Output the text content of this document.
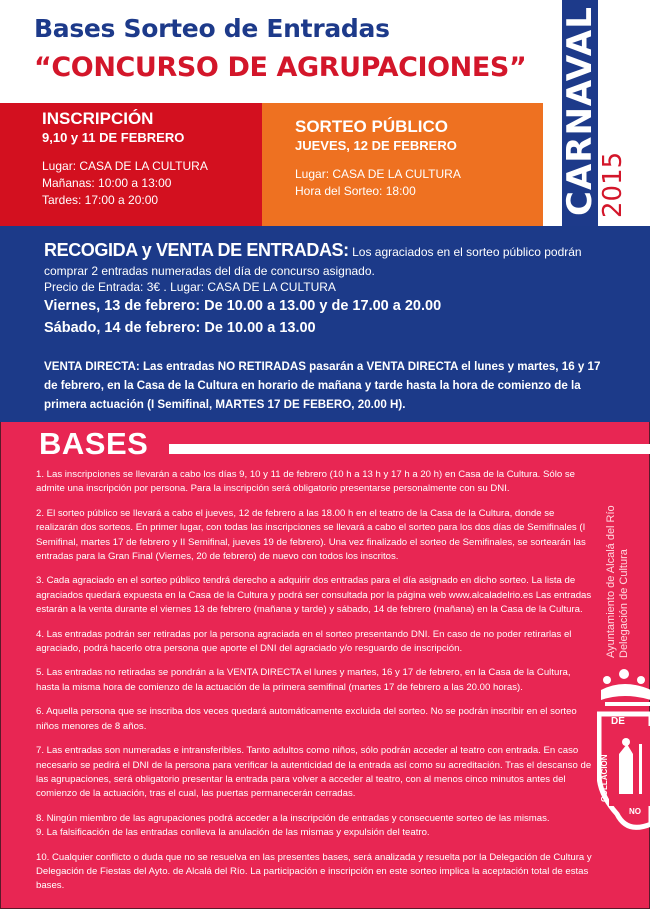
Bases Sorteo de Entradas
“CONCURSO DE AGRUPACIONES” CARNAVAL
2015
INSCRIPCIÓN
9,10 y 11 DE FEBRERO
Lugar: CASA DE LA CULTURA
Mañanas: 10:00 a 13:00
Tardes: 17:00 a 20:00
SORTEO PÚBLICO
JUEVES, 12 DE FEBRERO
Lugar: CASA DE LA CULTURA
Hora del Sorteo: 18:00
RECOGIDA y VENTA DE ENTRADAS: Los agraciados en el sorteo público podrán
comprar 2 entradas numeradas del día de concurso asignado.
Precio de Entrada: 3€ . Lugar: CASA DE LA CULTURA
Viernes, 13 de febrero: De 10.00 a 13.00 y de 17.00 a 20.00
Sábado, 14 de febrero: De 10.00 a 13.00
VENTA DIRECTA: Las entradas NO RETIRADAS pasarán a VENTA DIRECTA el lunes y martes, 16 y 17 de febrero, en la Casa de la Cultura en horario de mañana y tarde hasta la hora de comienzo de la primera actuación (I Semifinal, MARTES 17 DE FEBERO, 20.00 H).
BASES

1. Las inscripciones se llevarán a cabo los días 9, 10 y 11 de febrero (10 h a 13 h y 17 h a 20 h) en Casa de la Cultura. Sólo se admite una inscripción por persona. Para la inscripción será obligatorio presentarse personalmente con su DNI.

2. El sorteo público se llevará a cabo el jueves, 12 de febrero a las 18.00 h en el teatro de la Casa de la Cultura, donde se realizarán dos sorteos. En primer lugar, con todas las inscripciones se llevará a cabo el sorteo para los dos días de Semifinales (I Semifinal, martes 17 de febrero y II Semifinal, jueves 19 de febrero). Una vez finalizado el sorteo de Semifinales, se sortearán las entradas para la Gran Final (Viernes, 20 de febrero) de nuevo con todos los inscritos.

3. Cada agraciado en el sorteo público tendrá derecho a adquirir dos entradas para el día asignado en dicho sorteo. La lista de agraciados quedará expuesta en la Casa de la Cultura y podrá ser consultada por la página web www.alcaladelrio.es Las entradas estarán a la venta durante el viernes 13 de febrero (mañana y tarde) y sábado, 14 de febrero (mañana) en la Casa de la Cultura.

4. Las entradas podrán ser retiradas por la persona agraciada en el sorteo presentando DNI. En caso de no poder retirarlas el agraciado, podrá hacerlo otra persona que aporte el DNI del agraciado y/o resguardo de inscripción.

5. Las entradas no retiradas se pondrán a la VENTA DIRECTA el lunes y martes, 16 y 17 de febrero, en la Casa de la Cultura, hasta la misma hora de comienzo de la actuación de la primera semifinal (martes 17 de febrero a las 20.00 horas).

6. Aquella persona que se inscriba dos veces quedará automáticamente excluida del sorteo. No se podrán inscribir en el sorteo niños menores de 8 años.

7. Las entradas son numeradas e intransferibles. Tanto adultos como niños, sólo podrán acceder al teatro con entrada. En caso necesario se pedirá el DNI de la persona para verificar la autenticidad de la entrada así como su acreditación. Tras el descanso de las agrupaciones, será obligatorio presentar la entrada para volver a acceder al teatro, con al menos cinco minutos antes del comienzo de la actuación, tras el cual, las puertas permanecerán cerradas.

8. Ningún miembro de las agrupaciones podrá acceder a la inscripción de entradas y consecuente sorteo de las mismas.

9. La falsificación de las entradas conlleva la anulación de las mismas y expulsión del teatro.

10. Cualquier conflicto o duda que no se resuelva en las presentes bases, será analizada y resuelta por la Delegación de Cultura y Delegación de Fiestas del Ayto. de Alcalá del Río. La participación e inscripción en este sorteo implica la aceptación total de estas bases.

Ayuntamiento de Alcalá del Río Delegación de Cultura
DE
COLLACION
NO
